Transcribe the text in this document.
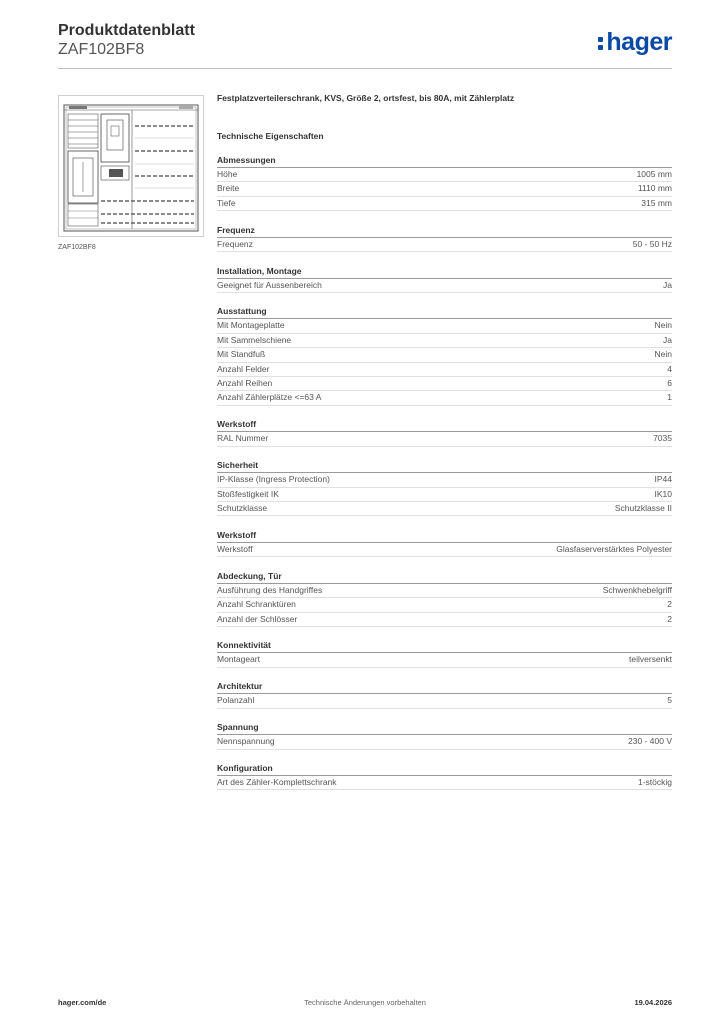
Produktdatenblatt
ZAF102BF8	hager
ZAF102BF8
Festplatzverteilerschrank, KVS, Größe 2, ortsfest, bis 80A, mit Zählerplatz
Technische Eigenschaften
Abmessungen
Höhe	1005 mm
Breite	1110 mm
Tiefe	315 mm
Frequenz
Frequenz	50 - 50 Hz
Installation, Montage
Geeignet für Aussenbereich	Ja
Ausstattung
Mit Montageplatte	Nein
Mit Sammelschiene	Ja
Mit Standfuß	Nein
Anzahl Felder	4
Anzahl Reihen	6
Anzahl Zählerplätze <=63 A	1
Werkstoff
RAL Nummer	7035
Sicherheit
IP-Klasse (Ingress Protection)	IP44
Stoßfestigkeit IK	IK10
Schutzklasse	Schutzklasse II
Werkstoff
Werkstoff	Glasfaserverstärktes Polyester
Abdeckung, Tür
Ausführung des Handgriffes	Schwenkhebelgriff
Anzahl Schranktüren	2
Anzahl der Schlösser	2
Konnektivität
Montageart	teilversenkt
Architektur
Polanzahl	5
Spannung
Nennspannung	230 - 400 V
Konfiguration
Art des Zähler-Komplettschrank	1-stöckig
hager.com/de	Technische Änderungen vorbehalten	19.04.2026
